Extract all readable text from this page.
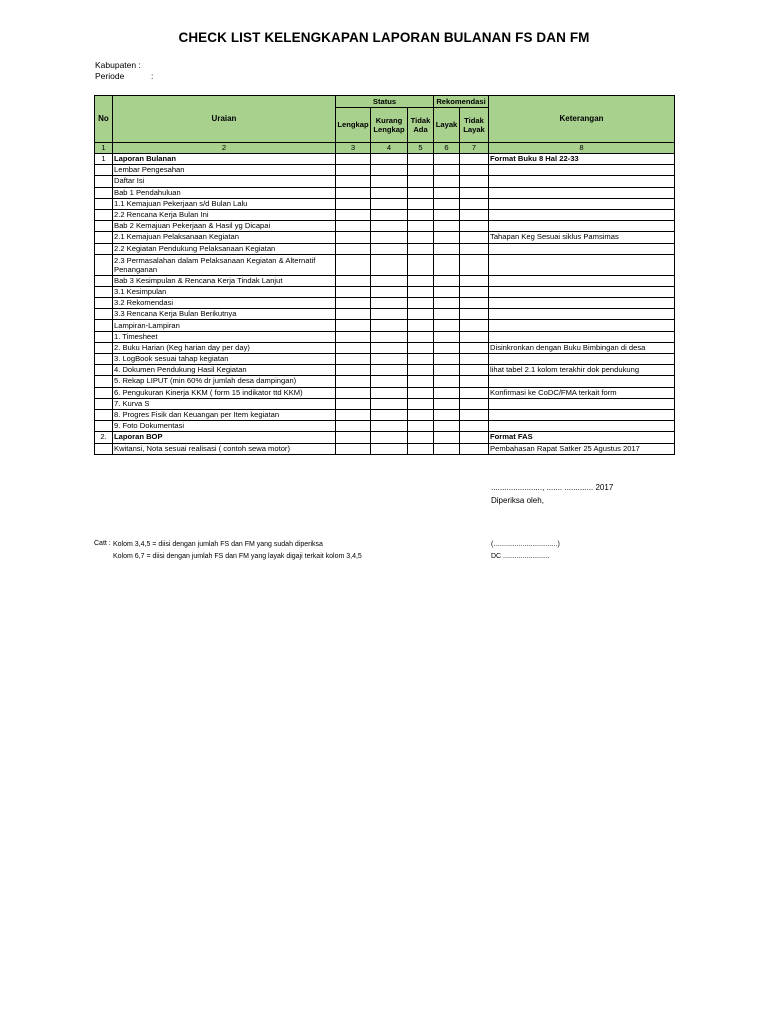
CHECK LIST KELENGKAPAN LAPORAN BULANAN FS DAN FM
Kabupaten :
Periode	:
No	Uraian	Status			Rekomendasi		Keterangan
		Lengkap	Kurang Lengkap	Tidak Ada	Layak	Tidak Layak	
1	2	3	4	5	6	7	8
1	Laporan Bulanan						Format Buku 8 Hal 22-33
	Lembar Pengesahan						
	Daftar Isi						
	Bab 1 Pendahuluan						
	1.1 Kemajuan Pekerjaan s/d Bulan Lalu						
	2.2 Rencana Kerja Bulan Ini						
	Bab 2 Kemajuan Pekerjaan & Hasil yg Dicapai						
	2.1 Kemajuan Pelaksanaan Kegiatan						Tahapan Keg Sesuai siklus Pamsimas
	2.2 Kegiatan Pendukung Pelaksanaan Kegiatan						
	2.3 Permasalahan dalam Pelaksanaan Kegiatan & Alternatif Penanganan						
	Bab 3 Kesimpulan & Rencana Kerja Tindak Lanjut						
	3.1 Kesimpulan						
	3.2 Rekomendasi						
	3.3 Rencana Kerja Bulan Berikutnya						
	Lampiran-Lampiran						
	1. Timesheet						
	2. Buku Harian (Keg harian day per day)						Disinkronkan dengan Buku Bimbingan di desa
	3. LogBook sesuai tahap kegiatan						
	4. Dokumen Pendukung Hasil Kegiatan						lihat tabel 2.1 kolom terakhir dok pendukung
	5. Rekap LIPUT (min 60% dr jumlah desa dampingan)						
	6. Pengukuran Kinerja KKM ( form 15 indikator ttd KKM)						Konfirmasi ke CoDC/FMA terkait form
	7. Kurva S						
	8. Progres Fisik dan Keuangan per Item kegiatan						
	9. Foto Dokumentasi						
2.	Laporan BOP						Format FAS
	Kwitansi, Nota sesuai realisasi ( contoh sewa motor)						Pembahasan Rapat Satker 25 Agustus 2017
......................., ....... ............. 2017
Diperiksa oleh,
(.................................)
DC ........................
Catt : Kolom 3,4,5 = diisi dengan jumlah FS dan FM yang sudah diperiksa
Kolom 6,7 = diisi dengan jumlah FS dan FM yang layak digaji terkait kolom 3,4,5
